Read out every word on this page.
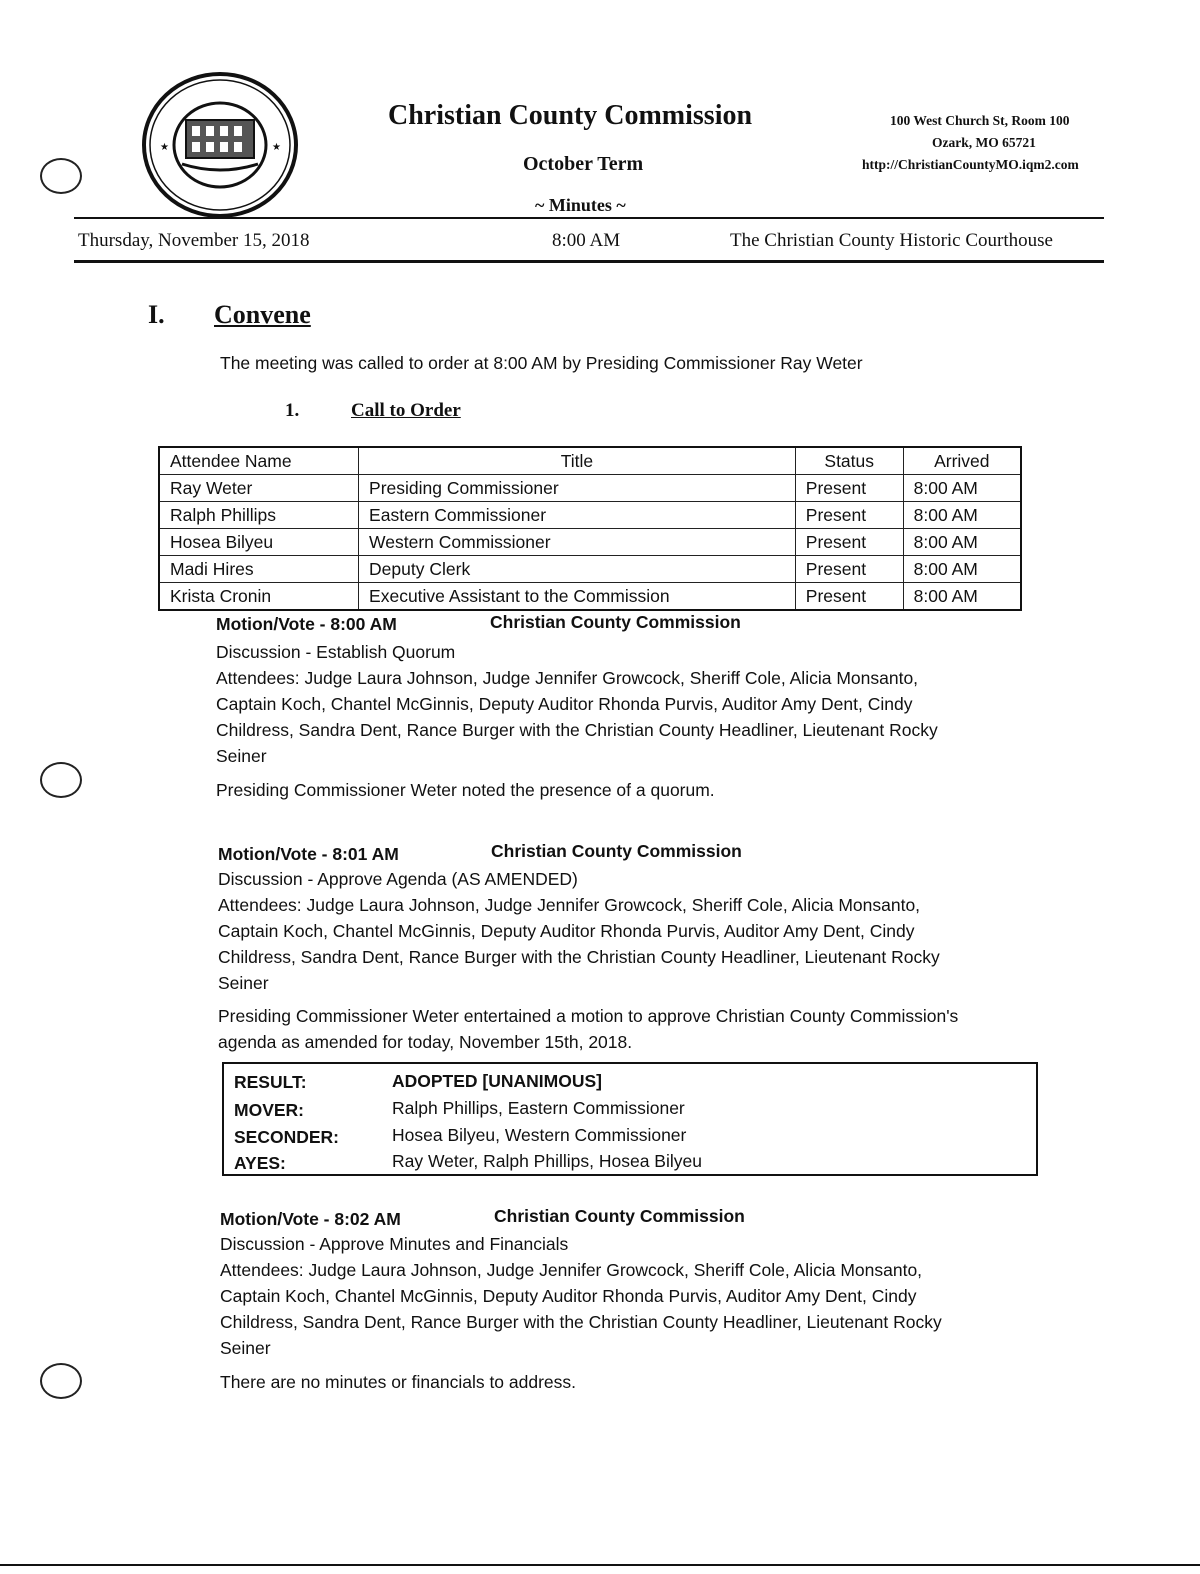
★	★
Christian County Commission
October Term
~ Minutes ~
100 West Church St, Room 100
Ozark, MO 65721
http://ChristianCountyMO.iqm2.com
Thursday, November 15, 2018	8:00 AM	The Christian County Historic Courthouse
I. Convene
The meeting was called to order at 8:00 AM by Presiding Commissioner Ray Weter
1.	Call to Order
Attendee Name	Title	Status	Arrived
Ray Weter	Presiding Commissioner	Present	8:00 AM
Ralph Phillips	Eastern Commissioner	Present	8:00 AM
Hosea Bilyeu	Western Commissioner	Present	8:00 AM
Madi Hires	Deputy Clerk	Present	8:00 AM
Krista Cronin	Executive Assistant to the Commission	Present	8:00 AM
Motion/Vote - 8:00 AM	Christian County Commission
Discussion - Establish Quorum
Attendees: Judge Laura Johnson, Judge Jennifer Growcock, Sheriff Cole, Alicia Monsanto,
Captain Koch, Chantel McGinnis, Deputy Auditor Rhonda Purvis, Auditor Amy Dent, Cindy
Childress, Sandra Dent, Rance Burger with the Christian County Headliner, Lieutenant Rocky
Seiner
Presiding Commissioner Weter noted the presence of a quorum.
Motion/Vote - 8:01 AM	Christian County Commission
Discussion - Approve Agenda (AS AMENDED)
Attendees: Judge Laura Johnson, Judge Jennifer Growcock, Sheriff Cole, Alicia Monsanto,
Captain Koch, Chantel McGinnis, Deputy Auditor Rhonda Purvis, Auditor Amy Dent, Cindy
Childress, Sandra Dent, Rance Burger with the Christian County Headliner, Lieutenant Rocky
Seiner
Presiding Commissioner Weter entertained a motion to approve Christian County Commission's
agenda as amended for today, November 15th, 2018.
RESULT:	ADOPTED [UNANIMOUS]
MOVER:	Ralph Phillips, Eastern Commissioner
SECONDER:	Hosea Bilyeu, Western Commissioner
AYES:	Ray Weter, Ralph Phillips, Hosea Bilyeu
Motion/Vote - 8:02 AM	Christian County Commission
Discussion - Approve Minutes and Financials
Attendees: Judge Laura Johnson, Judge Jennifer Growcock, Sheriff Cole, Alicia Monsanto,
Captain Koch, Chantel McGinnis, Deputy Auditor Rhonda Purvis, Auditor Amy Dent, Cindy
Childress, Sandra Dent, Rance Burger with the Christian County Headliner, Lieutenant Rocky
Seiner
There are no minutes or financials to address.
